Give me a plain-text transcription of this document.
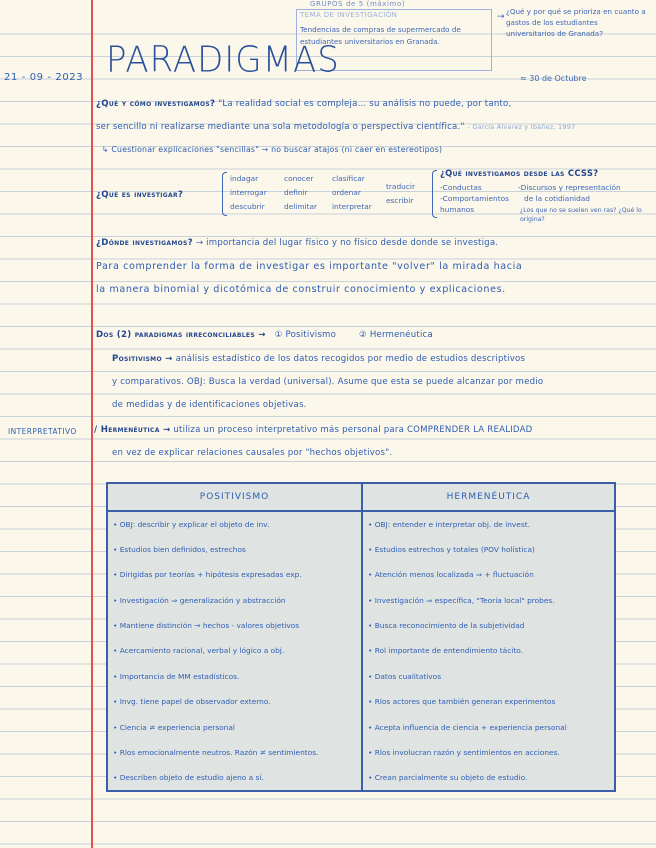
GRUPOS de 5 (máximo)
TEMA DE INVESTIGACIÓN
Tendencias de compras de supermercado de estudiantes universitarios en Granada.
→
¿Qué y por qué se prioriza en cuanto a gastos de los estudiantes universitarios de Granada?
21 - 09 - 2023 PARADIGMAS	≈ 30 de Octubre
¿Qué y cómo investigamos? "La realidad social es compleja... su análisis no puede, por tanto,
ser sencillo ni realizarse mediante una sola metodología o perspectiva científica." - García Álvarez y Ibáñez, 1997
↳ Cuestionar explicaciones "sencillas" → no buscar atajos (ni caer en estereotipos)
¿Qué es investigar?
indagar
interrogar
descubrir
conocer
definir
delimitar
clasificar
ordenar
interpretar
traducir
escribir
¿Qué investigamos desde las CCSS?
-Conductas
-Comportamientos humanos
-Discursos y representación
de la cotidianidad
¿Los que no se suelen ven ras? ¿Qué lo origina?
¿Dónde investigamos? → importancia del lugar físico y no físico desde donde se investiga.
Para comprender la forma de investigar es importante "volver" la mirada hacia
la manera binomial y dicotómica de construir conocimiento y explicaciones.
Dos (2) paradigmas irreconciliables → ① Positivismo	② Hermenéutica
Positivismo → análisis estadístico de los datos recogidos por medio de estudios descriptivos
y comparativos. OBJ: Busca la verdad (universal). Asume que esta se puede alcanzar por medio
de medidas y de identificaciones objetivas.
INTERPRETATIVO / Hermenéutica → utiliza un proceso interpretativo más personal para COMPRENDER LA REALIDAD
en vez de explicar relaciones causales por "hechos objetivos".
POSITIVISMO	HERMENÉUTICA
• OBJ: describir y explicar el objeto de inv.	• OBJ: entender e interpretar obj. de invest.
• Estudios bien definidos, estrechos	• Estudios estrechos y totales (POV holística)
• Dirigidas por teorías + hipótesis expresadas exp.	• Atención menos localizada ⇒ + fluctuación
• Investigación ⇒ generalización y abstracción	• Investigación ⇒ específica, "Teoría local" probes.
• Mantiene distinción → hechos - valores objetivos	• Busca reconocimiento de la subjetividad
• Acercamiento racional, verbal y lógico a obj.	• Rol importante de entendimiento tácito.
• Importancia de MM estadísticos.	• Datos cualitativos
• Invg. tiene papel de observador externo.	• Rlos actores que también generan experimentos
• Ciencia ≠ experiencia personal	• Acepta influencia de ciencia + experiencia personal
• Rlos emocionalmente neutros. Razón ≠ sentimientos.	• Rlos involucran razón y sentimientos en acciones.
• Describen objeto de estudio ajeno a sí.	• Crean parcialmente su objeto de estudio.
